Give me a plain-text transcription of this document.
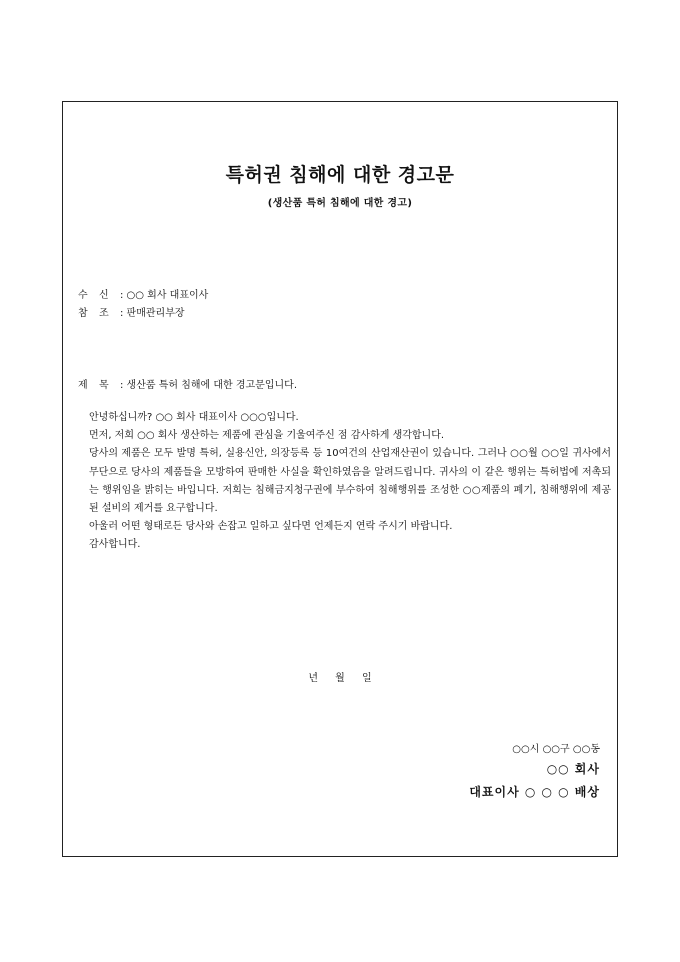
특허권 침해에 대한 경고문
(생산품 특허 침해에 대한 경고)
수 신 : ○○ 회사 대표이사
참 조 : 판매관리부장
제 목 : 생산품 특허 침해에 대한 경고문입니다.

안녕하십니까? ○○ 회사 대표이사 ○○○입니다.

먼저, 저희 ○○ 회사 생산하는 제품에 관심을 기울여주신 점 감사하게 생각합니다.

당사의 제품은 모두 발명 특허, 실용신안, 의장등록 등 10여건의 산업재산권이 있습니다. 그러나 ○○월 ○○일 귀사에서 무단으로 당사의 제품들을 모방하여 판매한 사실을 확인하였음을 알려드립니다. 귀사의 이 같은 행위는 특허법에 저촉되는 행위임을 밝히는 바입니다. 저희는 침해금지청구권에 부수하여 침해행위를 조성한 ○○제품의 폐기, 침해행위에 제공된 설비의 제거를 요구합니다.

아울러 어떤 형태로든 당사와 손잡고 일하고 싶다면 언제든지 연락 주시기 바랍니다.

감사합니다.

년 월 일
○○시 ○○구 ○○동
○○ 회사
대표이사 ○ ○ ○ 배상
